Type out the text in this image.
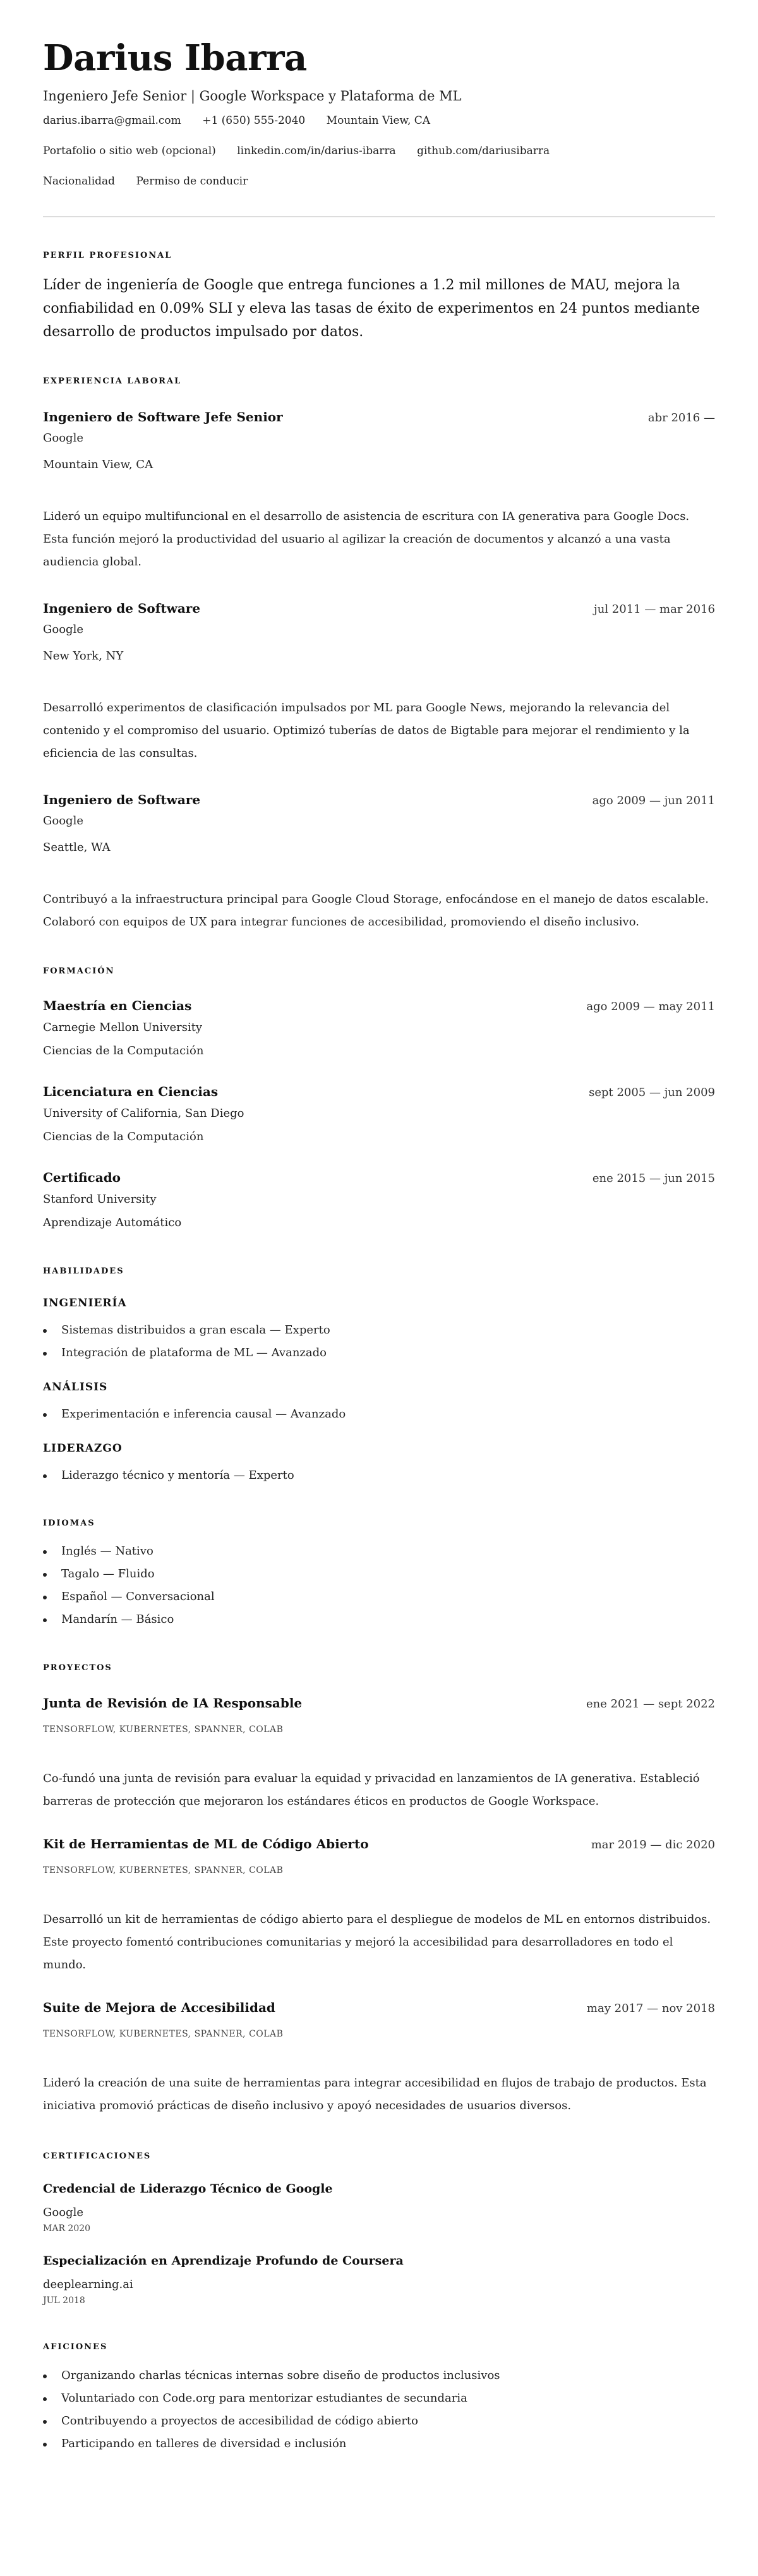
Darius Ibarra
Ingeniero Jefe Senior | Google Workspace y Plataforma de ML
darius.ibarra@gmail.com +1 (650) 555-2040 Mountain View, CA
Portafolio o sitio web (opcional) linkedin.com/in/darius-ibarra github.com/dariusibarra
Nacionalidad Permiso de conducir
PERFIL PROFESIONAL
Líder de ingeniería de Google que entrega funciones a 1.2 mil millones de MAU, mejora la confiabilidad en 0.09% SLI y eleva las tasas de éxito de experimentos en 24 puntos mediante desarrollo de productos impulsado por datos.
EXPERIENCIA LABORAL
Ingeniero de Software Jefe Senior	abr 2016 —
Google
Mountain View, CA
Lideró un equipo multifuncional en el desarrollo de asistencia de escritura con IA generativa para Google Docs. Esta función mejoró la productividad del usuario al agilizar la creación de documentos y alcanzó a una vasta audiencia global.
Ingeniero de Software	jul 2011 — mar 2016
Google
New York, NY
Desarrolló experimentos de clasificación impulsados por ML para Google News, mejorando la relevancia del contenido y el compromiso del usuario. Optimizó tuberías de datos de Bigtable para mejorar el rendimiento y la eficiencia de las consultas.
Ingeniero de Software	ago 2009 — jun 2011
Google
Seattle, WA
Contribuyó a la infraestructura principal para Google Cloud Storage, enfocándose en el manejo de datos escalable. Colaboró con equipos de UX para integrar funciones de accesibilidad, promoviendo el diseño inclusivo.
FORMACIÓN
Maestría en Ciencias	ago 2009 — may 2011
Carnegie Mellon University
Ciencias de la Computación
Licenciatura en Ciencias	sept 2005 — jun 2009
University of California, San Diego
Ciencias de la Computación
Certificado	ene 2015 — jun 2015
Stanford University
Aprendizaje Automático
HABILIDADES
INGENIERÍA
Sistemas distribuidos a gran escala — Experto
Integración de plataforma de ML — Avanzado
ANÁLISIS
Experimentación e inferencia causal — Avanzado
LIDERAZGO
Liderazgo técnico y mentoría — Experto
IDIOMAS
Inglés — Nativo
Tagalo — Fluido
Español — Conversacional
Mandarín — Básico
PROYECTOS
Junta de Revisión de IA Responsable	ene 2021 — sept 2022
TENSORFLOW, KUBERNETES, SPANNER, COLAB
Co-fundó una junta de revisión para evaluar la equidad y privacidad en lanzamientos de IA generativa. Estableció barreras de protección que mejoraron los estándares éticos en productos de Google Workspace.
Kit de Herramientas de ML de Código Abierto	mar 2019 — dic 2020
TENSORFLOW, KUBERNETES, SPANNER, COLAB
Desarrolló un kit de herramientas de código abierto para el despliegue de modelos de ML en entornos distribuidos. Este proyecto fomentó contribuciones comunitarias y mejoró la accesibilidad para desarrolladores en todo el mundo.
Suite de Mejora de Accesibilidad	may 2017 — nov 2018
TENSORFLOW, KUBERNETES, SPANNER, COLAB
Lideró la creación de una suite de herramientas para integrar accesibilidad en flujos de trabajo de productos. Esta iniciativa promovió prácticas de diseño inclusivo y apoyó necesidades de usuarios diversos.
CERTIFICACIONES
Credencial de Liderazgo Técnico de Google
Google
MAR 2020
Especialización en Aprendizaje Profundo de Coursera
deeplearning.ai
JUL 2018
AFICIONES
Organizando charlas técnicas internas sobre diseño de productos inclusivos
Voluntariado con Code.org para mentorizar estudiantes de secundaria
Contribuyendo a proyectos de accesibilidad de código abierto
Participando en talleres de diversidad e inclusión
